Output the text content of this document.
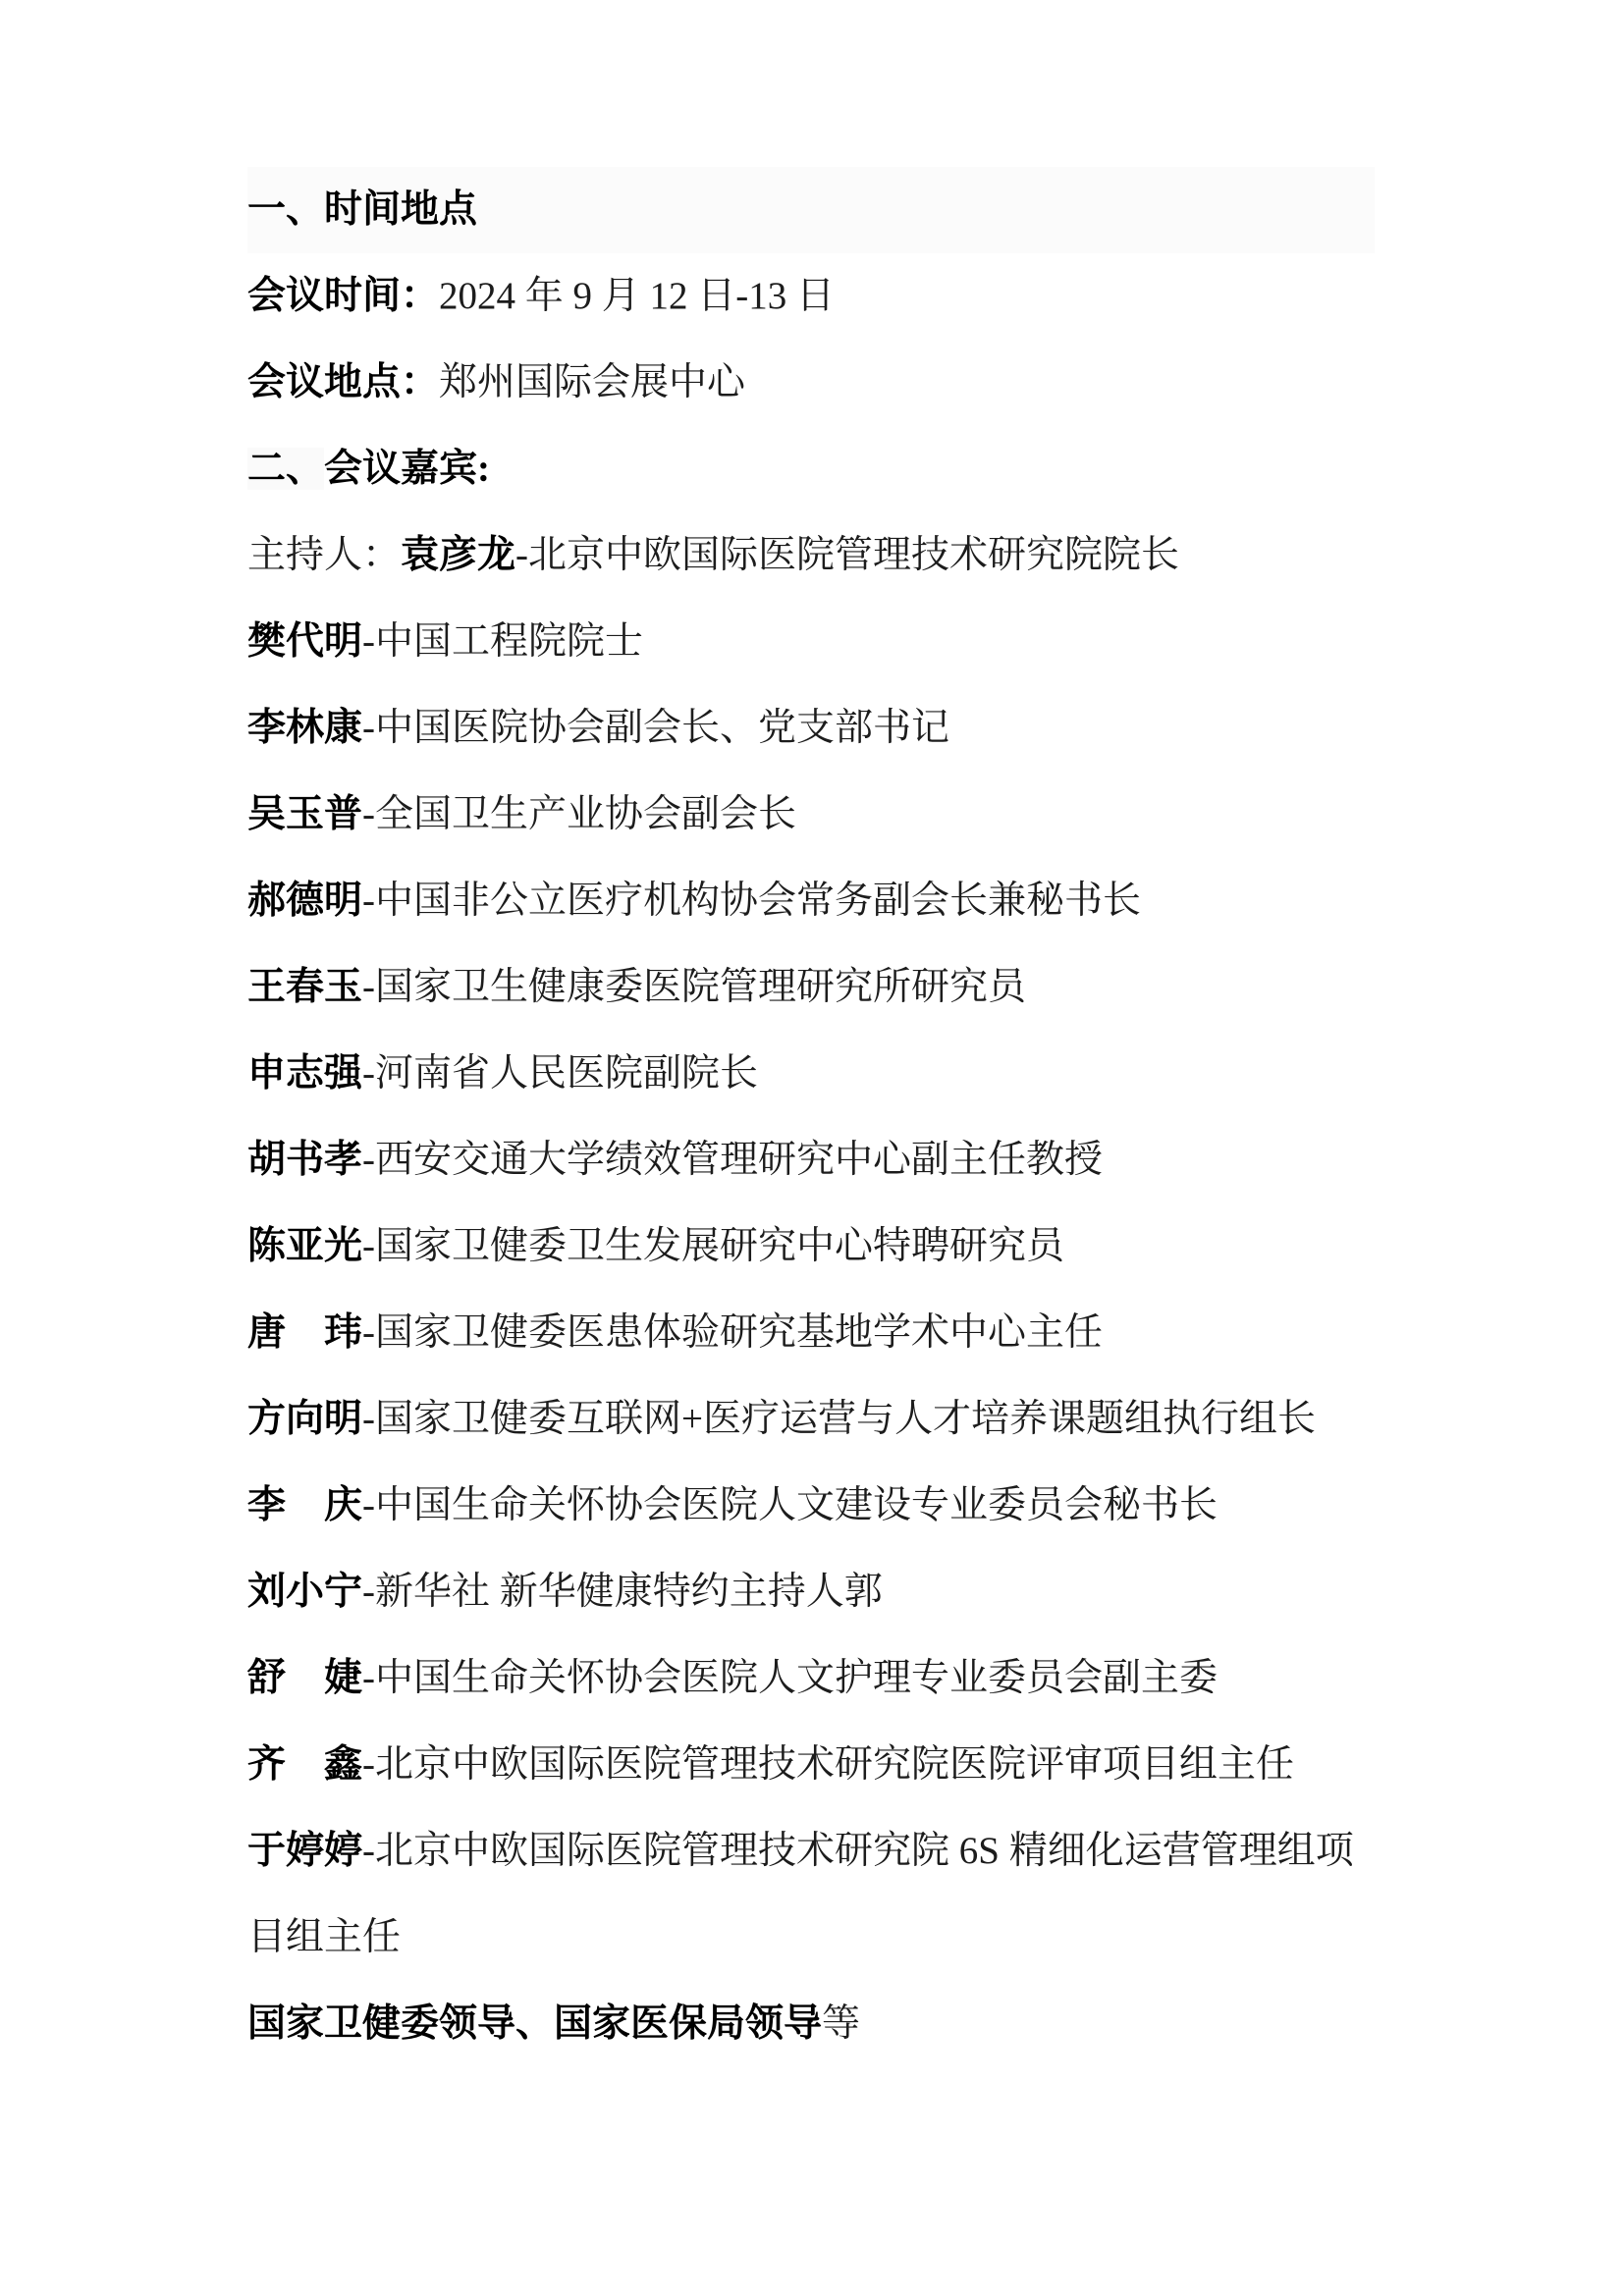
一、时间地点

会议时间：2024 年 9 月 12 日-13 日

会议地点：郑州国际会展中心

二、会议嘉宾:

主持人：袁彦龙-北京中欧国际医院管理技术研究院院长

樊代明-中国工程院院士

李林康-中国医院协会副会长、党支部书记

吴玉普-全国卫生产业协会副会长

郝德明-中国非公立医疗机构协会常务副会长兼秘书长

王春玉-国家卫生健康委医院管理研究所研究员

申志强-河南省人民医院副院长

胡书孝-西安交通大学绩效管理研究中心副主任教授

陈亚光-国家卫健委卫生发展研究中心特聘研究员

唐　玮-国家卫健委医患体验研究基地学术中心主任

方向明-国家卫健委互联网+医疗运营与人才培养课题组执行组长

李　庆-中国生命关怀协会医院人文建设专业委员会秘书长

刘小宁-新华社 新华健康特约主持人郭

舒　婕-中国生命关怀协会医院人文护理专业委员会副主委

齐　鑫-北京中欧国际医院管理技术研究院医院评审项目组主任

于婷婷-北京中欧国际医院管理技术研究院 6S 精细化运营管理组项目组主任

国家卫健委领导、国家医保局领导等
